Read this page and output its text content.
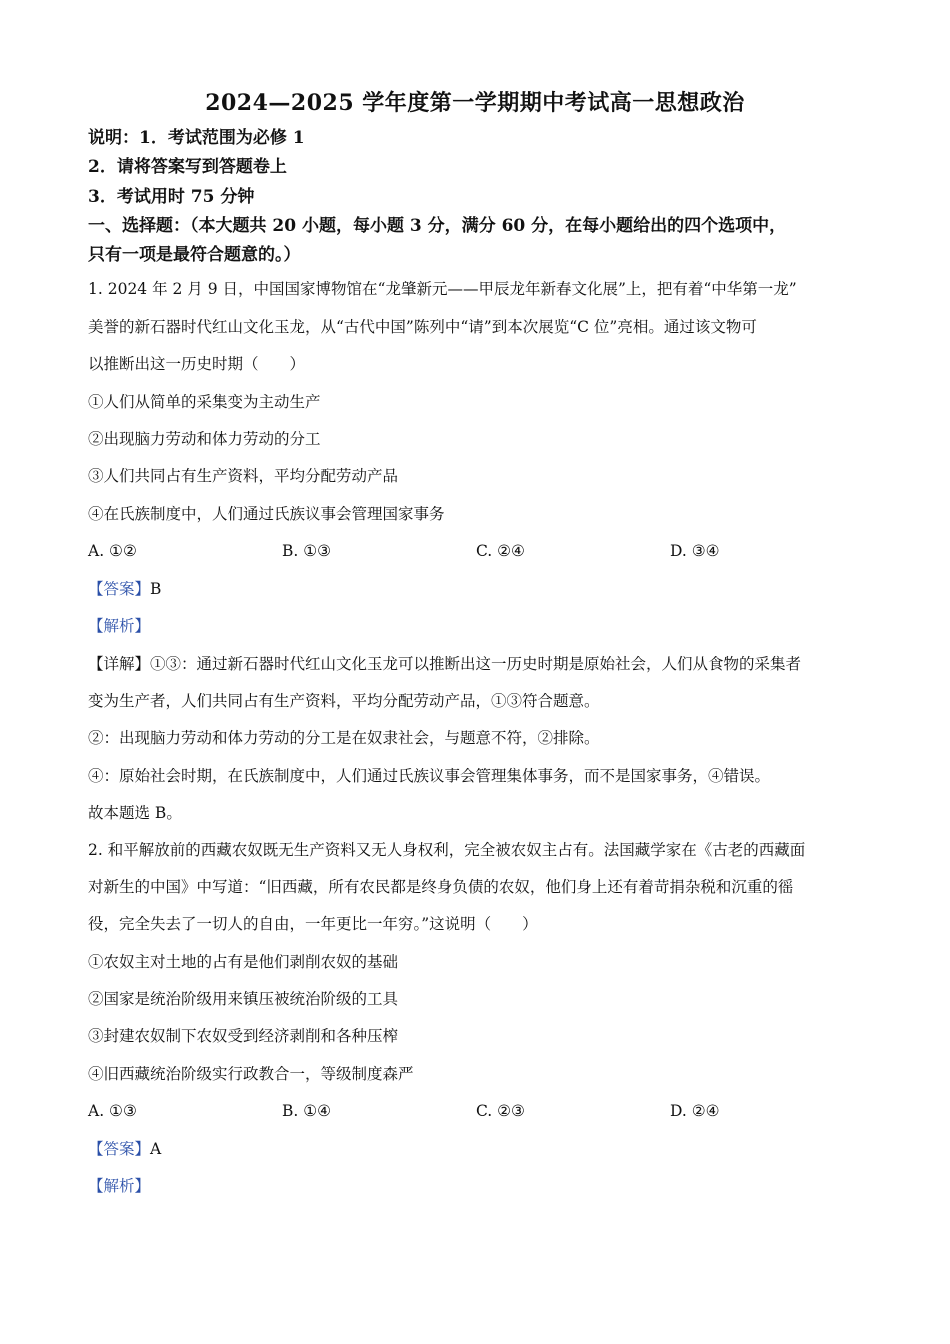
2024—2025 学年度第一学期期中考试高一思想政治
说明：1．考试范围为必修 1
2．请将答案写到答题卷上
3．考试用时 75 分钟
一、选择题：（本大题共 20 小题，每小题 3 分，满分 60 分，在每小题给出的四个选项中，
只有一项是最符合题意的。）
1. 2024 年 2 月 9 日，中国国家博物馆在“龙肇新元——甲辰龙年新春文化展”上，把有着“中华第一龙”
美誉的新石器时代红山文化玉龙，从“古代中国”陈列中“请”到本次展览“C 位”亮相。通过该文物可
以推断出这一历史时期（　　）
①人们从简单的采集变为主动生产
②出现脑力劳动和体力劳动的分工
③人们共同占有生产资料，平均分配劳动产品
④在氏族制度中，人们通过氏族议事会管理国家事务
A. ①②	B. ①③	C. ②④	D. ③④
【答案】B
【解析】
【详解】①③：通过新石器时代红山文化玉龙可以推断出这一历史时期是原始社会，人们从食物的采集者
变为生产者，人们共同占有生产资料，平均分配劳动产品，①③符合题意。
②：出现脑力劳动和体力劳动的分工是在奴隶社会，与题意不符，②排除。
④：原始社会时期，在氏族制度中，人们通过氏族议事会管理集体事务，而不是国家事务，④错误。
故本题选 B。
2. 和平解放前的西藏农奴既无生产资料又无人身权利，完全被农奴主占有。法国藏学家在《古老的西藏面
对新生的中国》中写道：“旧西藏，所有农民都是终身负债的农奴，他们身上还有着苛捐杂税和沉重的徭
役，完全失去了一切人的自由，一年更比一年穷。”这说明（　　）
①农奴主对土地的占有是他们剥削农奴的基础
②国家是统治阶级用来镇压被统治阶级的工具
③封建农奴制下农奴受到经济剥削和各种压榨
④旧西藏统治阶级实行政教合一，等级制度森严
A. ①③	B. ①④	C. ②③	D. ②④
【答案】A
【解析】
